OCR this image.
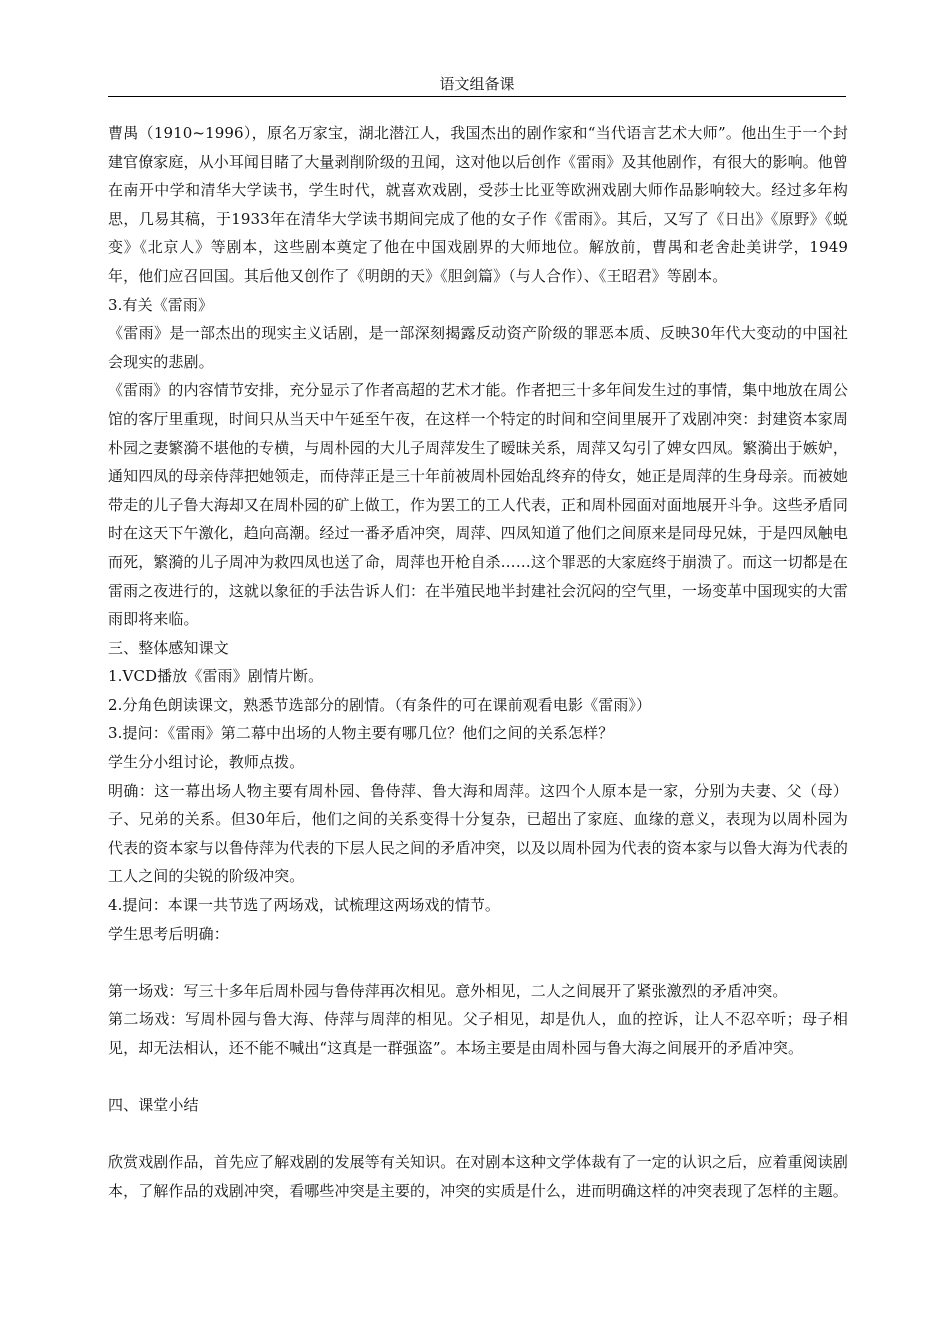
语文组备课

曹禺（1910~1996），原名万家宝，湖北潜江人，我国杰出的剧作家和“当代语言艺术大师”。他出生于一个封建官僚家庭，从小耳闻目睹了大量剥削阶级的丑闻，这对他以后创作《雷雨》及其他剧作，有很大的影响。他曾在南开中学和清华大学读书，学生时代，就喜欢戏剧，受莎士比亚等欧洲戏剧大师作品影响较大。经过多年构思，几易其稿，于1933年在清华大学读书期间完成了他的女子作《雷雨》。其后，又写了《日出》《原野》《蜕变》《北京人》等剧本，这些剧本奠定了他在中国戏剧界的大师地位。解放前，曹禺和老舍赴美讲学，1949年，他们应召回国。其后他又创作了《明朗的天》《胆剑篇》（与人合作）、《王昭君》等剧本。

3.有关《雷雨》

《雷雨》是一部杰出的现实主义话剧，是一部深刻揭露反动资产阶级的罪恶本质、反映30年代大变动的中国社会现实的悲剧。

《雷雨》的内容情节安排，充分显示了作者高超的艺术才能。作者把三十多年间发生过的事情，集中地放在周公馆的客厅里重现，时间只从当天中午延至午夜，在这样一个特定的时间和空间里展开了戏剧冲突：封建资本家周朴园之妻繁漪不堪他的专横，与周朴园的大儿子周萍发生了暧昧关系，周萍又勾引了婢女四凤。繁漪出于嫉妒，通知四凤的母亲侍萍把她领走，而侍萍正是三十年前被周朴园始乱终弃的侍女，她正是周萍的生身母亲。而被她带走的儿子鲁大海却又在周朴园的矿上做工，作为罢工的工人代表，正和周朴园面对面地展开斗争。这些矛盾同时在这天下午激化，趋向高潮。经过一番矛盾冲突，周萍、四凤知道了他们之间原来是同母兄妹，于是四凤触电而死，繁漪的儿子周冲为救四凤也送了命，周萍也开枪自杀……这个罪恶的大家庭终于崩溃了。而这一切都是在雷雨之夜进行的，这就以象征的手法告诉人们：在半殖民地半封建社会沉闷的空气里，一场变革中国现实的大雷雨即将来临。

三、整体感知课文

1.VCD播放《雷雨》剧情片断。

2.分角色朗读课文，熟悉节选部分的剧情。（有条件的可在课前观看电影《雷雨》）

3.提问：《雷雨》第二幕中出场的人物主要有哪几位？他们之间的关系怎样？

学生分小组讨论，教师点拨。

明确：这一幕出场人物主要有周朴园、鲁侍萍、鲁大海和周萍。这四个人原本是一家，分别为夫妻、父（母）子、兄弟的关系。但30年后，他们之间的关系变得十分复杂，已超出了家庭、血缘的意义，表现为以周朴园为代表的资本家与以鲁侍萍为代表的下层人民之间的矛盾冲突，以及以周朴园为代表的资本家与以鲁大海为代表的工人之间的尖锐的阶级冲突。

4.提问：本课一共节选了两场戏，试梳理这两场戏的情节。

学生思考后明确：

第一场戏：写三十多年后周朴园与鲁侍萍再次相见。意外相见，二人之间展开了紧张激烈的矛盾冲突。

第二场戏：写周朴园与鲁大海、侍萍与周萍的相见。父子相见，却是仇人，血的控诉，让人不忍卒听；母子相见，却无法相认，还不能不喊出“这真是一群强盗”。本场主要是由周朴园与鲁大海之间展开的矛盾冲突。

四、课堂小结

欣赏戏剧作品，首先应了解戏剧的发展等有关知识。在对剧本这种文学体裁有了一定的认识之后，应着重阅读剧本，了解作品的戏剧冲突，看哪些冲突是主要的，冲突的实质是什么，进而明确这样的冲突表现了怎样的主题。
